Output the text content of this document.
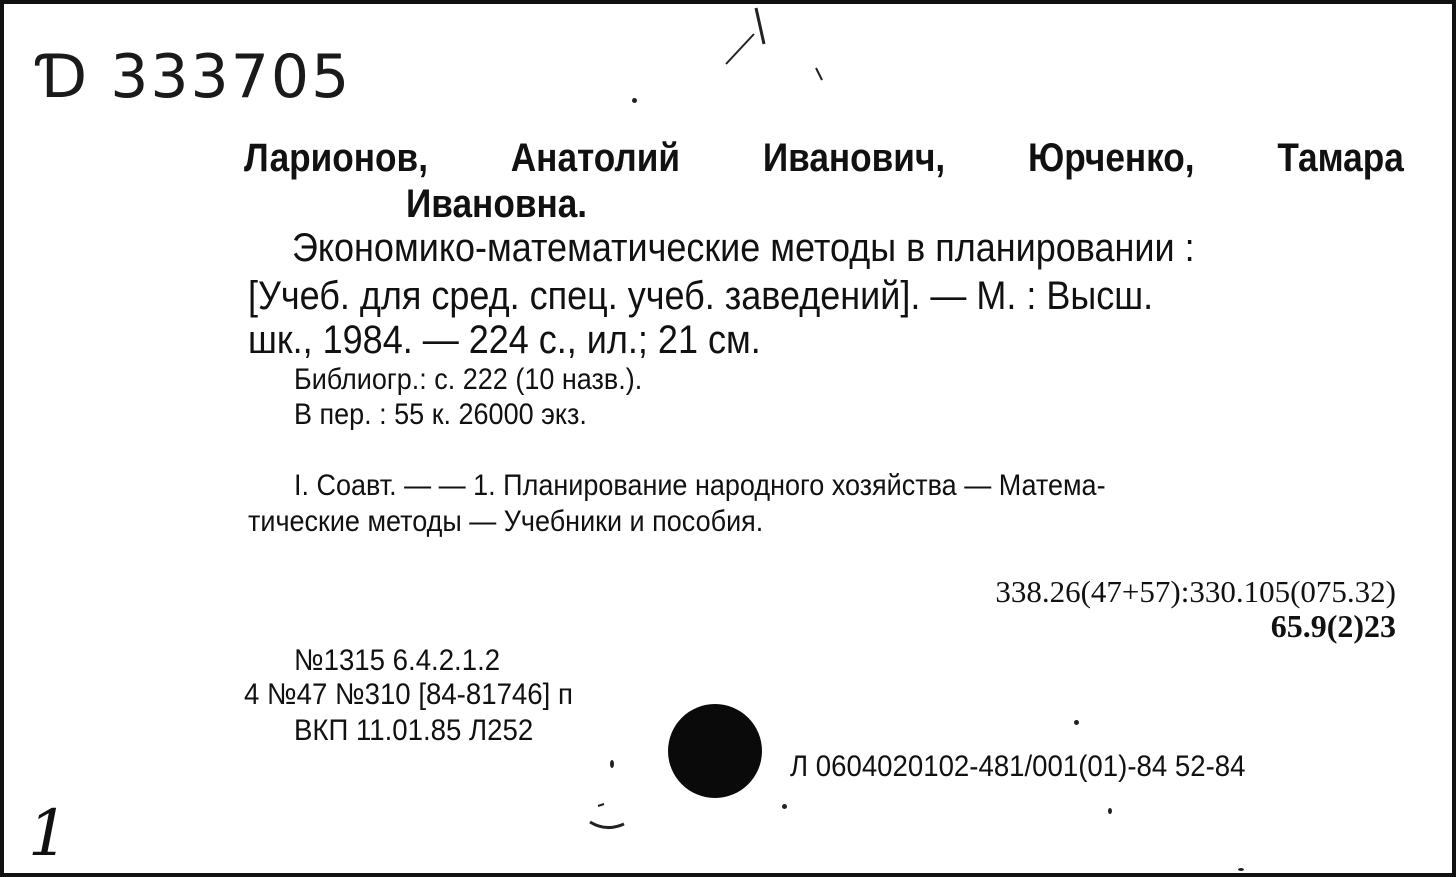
Ɗ 333705
Ларионов, Анатолий Иванович, Юрченко, Тамара
Ивановна.
Экономико-математические методы в планировании :
[Учеб. для сред. спец. учеб. заведений]. — М. : Высш.
шк., 1984. — 224 с., ил.; 21 см.
Библиогр.: с. 222 (10 назв.).
В пер. : 55 к. 26000 экз.
I. Соавт. — — 1. Планирование народного хозяйства — Матема-
тические методы — Учебники и пособия.
338.26(47+57):330.105(075.32)
65.9(2)23
№1315 6.4.2.1.2
4 №47 №310 [84-81746] п
ВКП 11.01.85 Л252
Л 0604020102-481/001(01)-84 52-84
1
